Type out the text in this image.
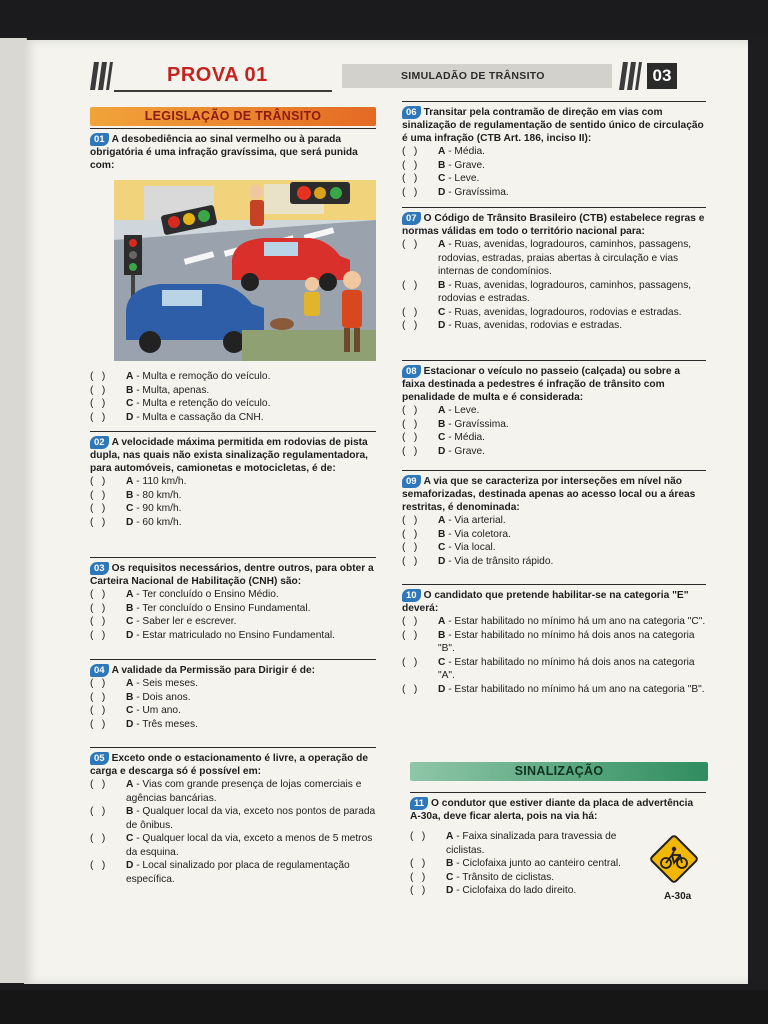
PROVA 01	SIMULADÃO DE TRÂNSITO	03
LEGISLAÇÃO DE TRÂNSITO
SINALIZAÇÃO
01 A desobediência ao sinal vermelho ou à parada obrigatória é uma infração gravíssima, que será punida com:
(   ) A - Multa e remoção do veículo.
(   ) B - Multa, apenas.
(   ) C - Multa e retenção do veículo.
(   ) D - Multa e cassação da CNH.
02 A velocidade máxima permitida em rodovias de pista dupla, nas quais não exista sinalização regulamentadora, para automóveis, camionetas e motocicletas, é de:
(   ) A - 110 km/h.
(   ) B - 80 km/h.
(   ) C - 90 km/h.
(   ) D - 60 km/h.
03 Os requisitos necessários, dentre outros, para obter a Carteira Nacional de Habilitação (CNH) são:
(   ) A - Ter concluído o Ensino Médio.
(   ) B - Ter concluído o Ensino Fundamental.
(   ) C - Saber ler e escrever.
(   ) D - Estar matriculado no Ensino Fundamental.
04 A validade da Permissão para Dirigir é de:
(   ) A - Seis meses.
(   ) B - Dois anos.
(   ) C - Um ano.
(   ) D - Três meses.
05 Exceto onde o estacionamento é livre, a operação de carga e descarga só é possível em:
(   ) A - Vias com grande presença de lojas comerciais e agências bancárias.
(   ) B - Qualquer local da via, exceto nos pontos de parada de ônibus.
(   ) C - Qualquer local da via, exceto a menos de 5 metros da esquina.
(   ) D - Local sinalizado por placa de regulamentação específica.
06 Transitar pela contramão de direção em vias com sinalização de regulamentação de sentido único de circulação é uma infração (CTB Art. 186, inciso II):
(   ) A - Média.
(   ) B - Grave.
(   ) C - Leve.
(   ) D - Gravíssima.
07 O Código de Trânsito Brasileiro (CTB) estabelece regras e normas válidas em todo o território nacional para:
(   ) A - Ruas, avenidas, logradouros, caminhos, passagens, rodovias, estradas, praias abertas à circulação e vias internas de condomínios.
(   ) B - Ruas, avenidas, logradouros, caminhos, passagens, rodovias e estradas.
(   ) C - Ruas, avenidas, logradouros, rodovias e estradas.
(   ) D - Ruas, avenidas, rodovias e estradas.
08 Estacionar o veículo no passeio (calçada) ou sobre a faixa destinada a pedestres é infração de trânsito com penalidade de multa e é considerada:
(   ) A - Leve.
(   ) B - Gravíssima.
(   ) C - Média.
(   ) D - Grave.
09 A via que se caracteriza por interseções em nível não semaforizadas, destinada apenas ao acesso local ou a áreas restritas, é denominada:
(   ) A - Via arterial.
(   ) B - Via coletora.
(   ) C - Via local.
(   ) D - Via de trânsito rápido.
10 O candidato que pretende habilitar-se na categoria "E" deverá:
(   ) A - Estar habilitado no mínimo há um ano na categoria "C".
(   ) B - Estar habilitado no mínimo há dois anos na categoria "B".
(   ) C - Estar habilitado no mínimo há dois anos na categoria "A".
(   ) D - Estar habilitado no mínimo há um ano na categoria "B".
11 O condutor que estiver diante da placa de advertência A-30a, deve ficar alerta, pois na via há:
(   ) A - Faixa sinalizada para travessia de ciclistas.
(   ) B - Ciclofaixa junto ao canteiro central.
(   ) C - Trânsito de ciclistas.
(   ) D - Ciclofaixa do lado direito.
A-30a
